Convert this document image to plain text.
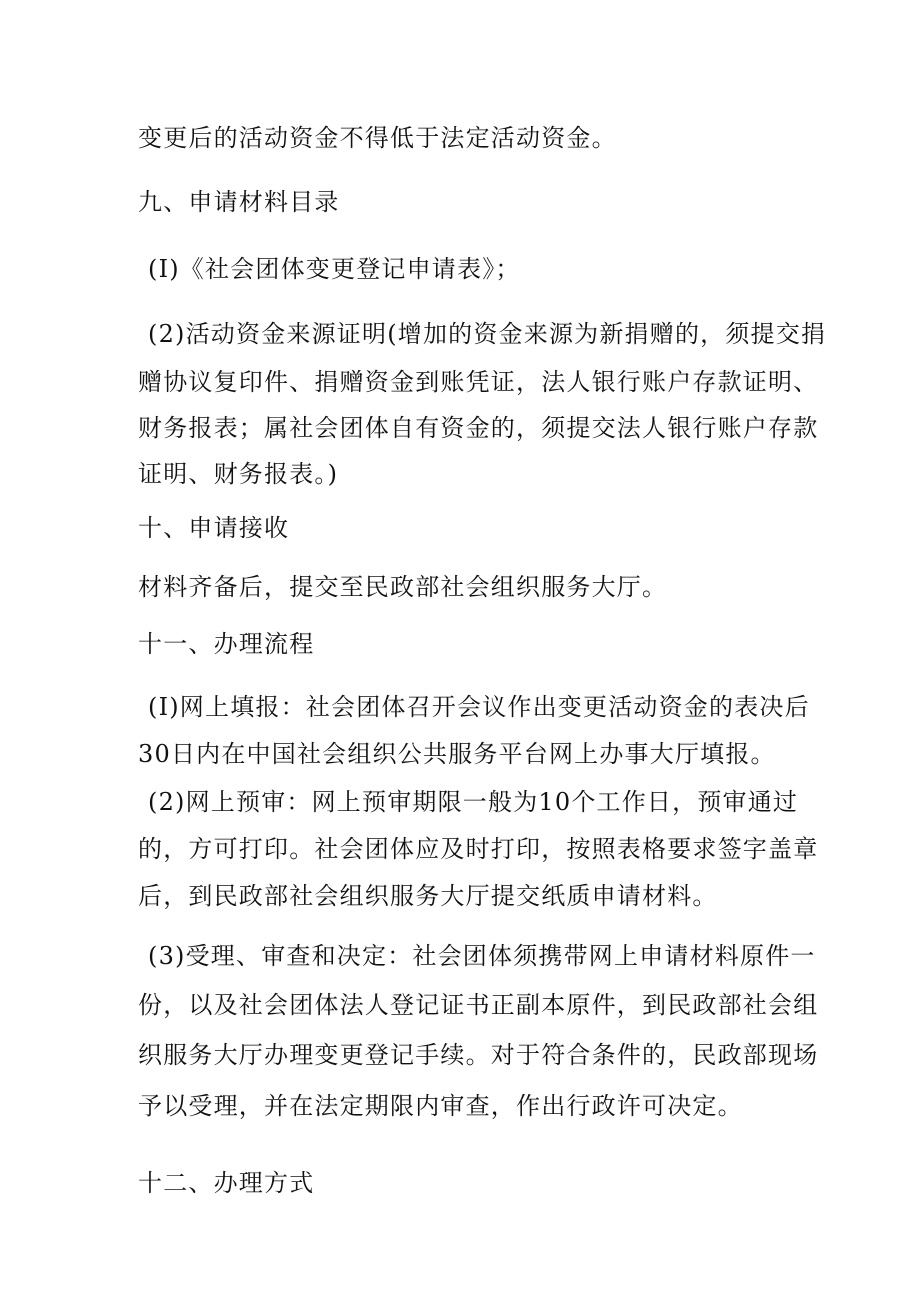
变更后的活动资金不得低于法定活动资金。
九、申请材料目录
(I)《社会团体变更登记申请表》；
(2)活动资金来源证明(增加的资金来源为新捐赠的，须提交捐
赠协议复印件、捐赠资金到账凭证，法人银行账户存款证明、
财务报表；属社会团体自有资金的，须提交法人银行账户存款
证明、财务报表。)
十、申请接收
材料齐备后，提交至民政部社会组织服务大厅。
十一、办理流程
(I)网上填报：社会团体召开会议作出变更活动资金的表决后
30日内在中国社会组织公共服务平台网上办事大厅填报。
(2)网上预审：网上预审期限一般为10个工作日，预审通过
的，方可打印。社会团体应及时打印，按照表格要求签字盖章
后，到民政部社会组织服务大厅提交纸质申请材料。
(3)受理、审查和决定：社会团体须携带网上申请材料原件一
份，以及社会团体法人登记证书正副本原件，到民政部社会组
织服务大厅办理变更登记手续。对于符合条件的，民政部现场
予以受理，并在法定期限内审查，作出行政许可决定。
十二、办理方式
